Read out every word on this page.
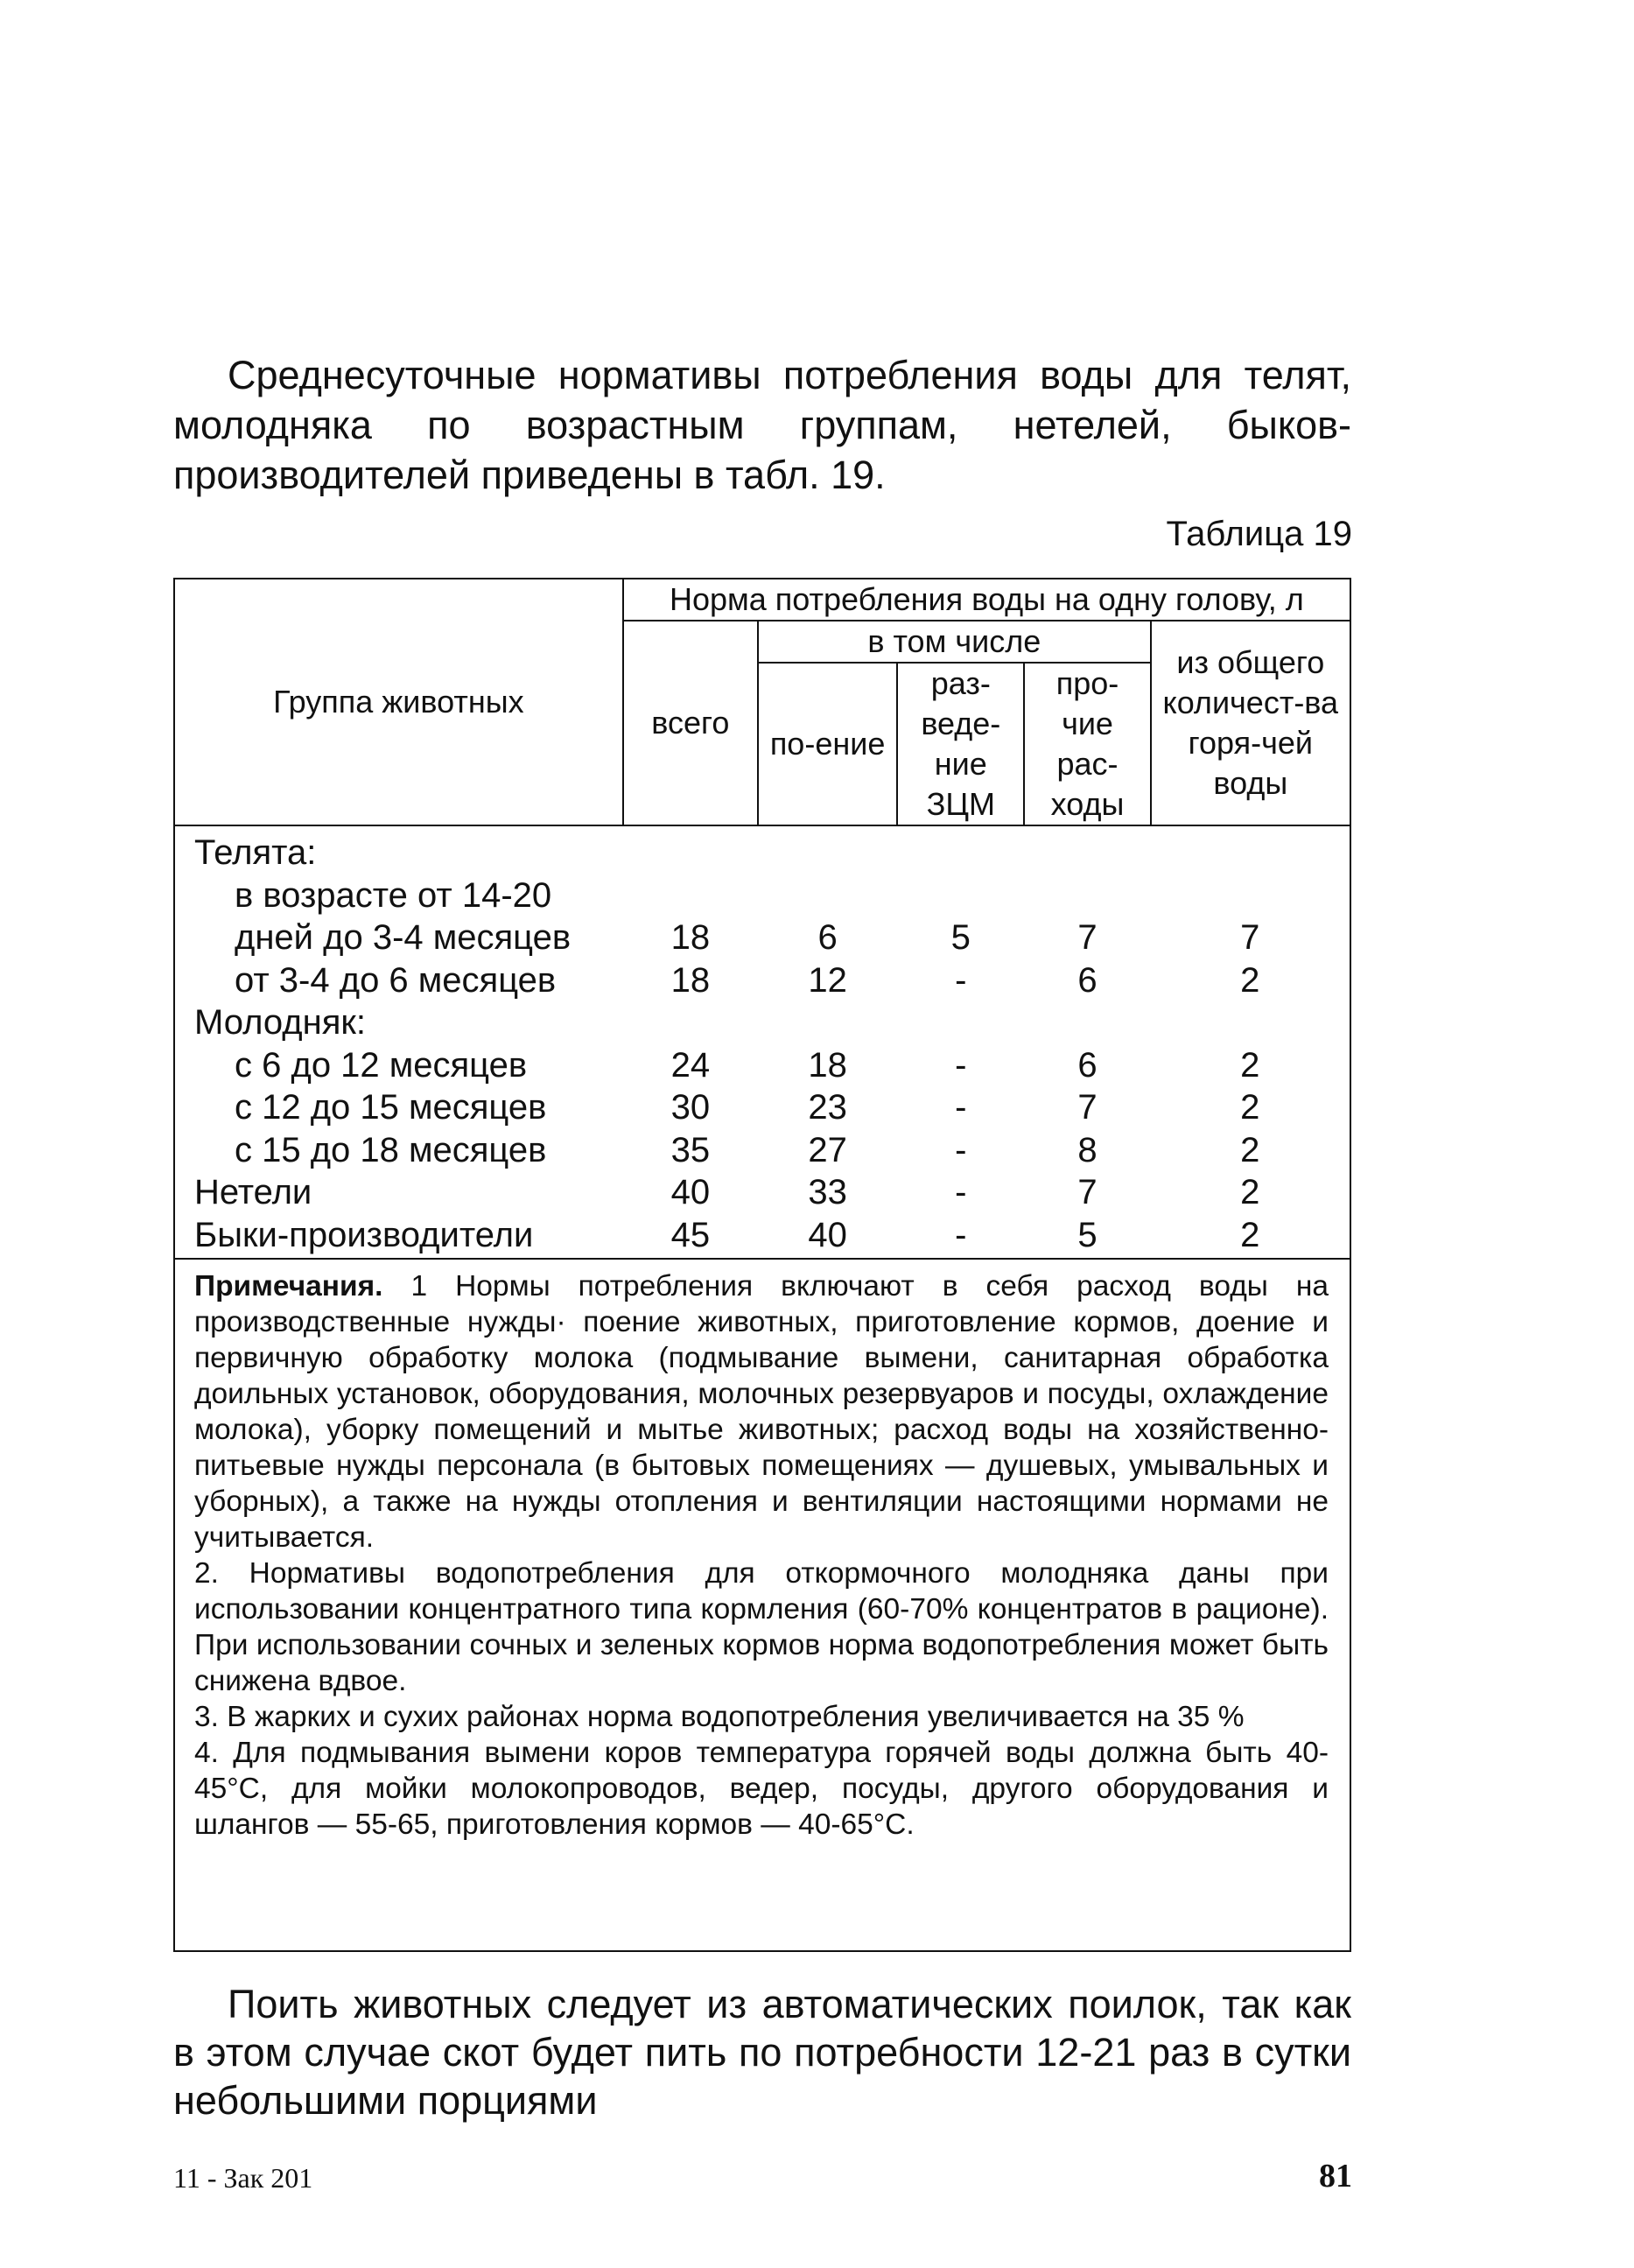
Среднесуточные нормативы потребления воды для телят, молодняка по возрастным группам, нетелей, быков-производителей приведены в табл. 19.

Таблица 19

Группа животных	Норма потребления воды на одну голову, л				
	всего	в том числе			из общего количест-ва горя-чей воды
		по-ение	раз-веде-ние ЗЦМ	про-чие рас-ходы	
Телята:					
в возрасте от 14-20					
дней до 3-4 месяцев	18	6	5	7	7
от 3-4 до 6 месяцев	18	12	-	6	2
Молодняк:					
с 6 до 12 месяцев	24	18	-	6	2
с 12 до 15 месяцев	30	23	-	7	2
с 15 до 18 месяцев	35	27	-	8	2
Нетели	40	33	-	7	2
Быки-производители	45	40	-	5	2

Примечания. 1 Нормы потребления включают в себя расход воды на производственные нужды· поение животных, приготовление кормов, доение и первичную обработку молока (подмывание вымени, санитарная обработка доильных установок, оборудования, молочных резервуаров и посуды, охлаждение молока), уборку помещений и мытье животных; расход воды на хозяйственно-питьевые нужды персонала (в бытовых помещениях — душевых, умывальных и уборных), а также на нужды отопления и вентиляции настоящими нормами не учитывается.

2. Нормативы водопотребления для откормочного молодняка даны при использовании концентратного типа кормления (60-70% концентратов в рационе). При использовании сочных и зеленых кормов норма водопотребления может быть снижена вдвое.

3. В жарких и сухих районах норма водопотребления увеличивается на 35 %

4. Для подмывания вымени коров температура горячей воды должна быть 40-45°С, для мойки молокопроводов, ведер, посуды, другого оборудования и шлангов — 55-65, приготовления кормов — 40-65°С.

Поить животных следует из автоматических поилок, так как в этом случае скот будет пить по потребности 12-21 раз в сутки небольшими порциями

11 - Зак 201	81
